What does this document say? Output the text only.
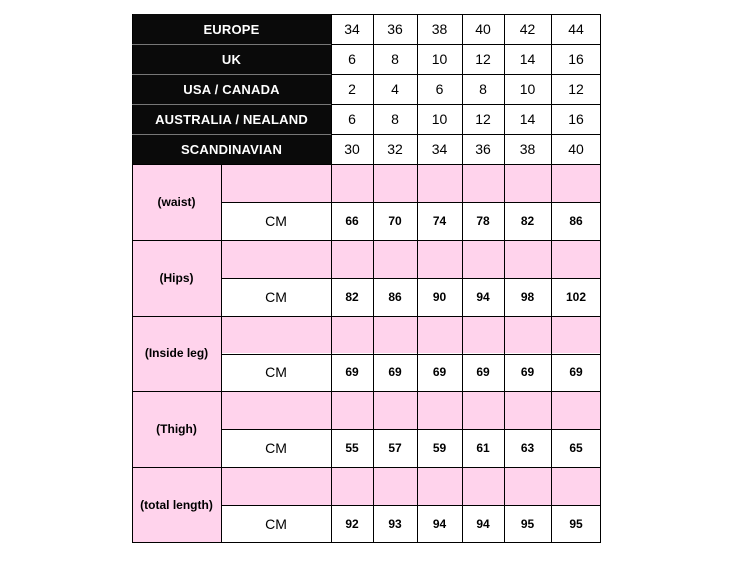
EUROPE	34	36	38	40	42	44
UK	6	8	10	12	14	16
USA / CANADA	2	4	6	8	10	12
AUSTRALIA / NEALAND	6	8	10	12	14	16
SCANDINAVIAN	30	32	34	36	38	40
(waist)
CM	66	70	74	78	82	86
(Hips)
CM	82	86	90	94	98	102
(Inside leg)
CM	69	69	69	69	69	69
(Thigh)
CM	55	57	59	61	63	65
(total length)
CM	92	93	94	94	95	95
